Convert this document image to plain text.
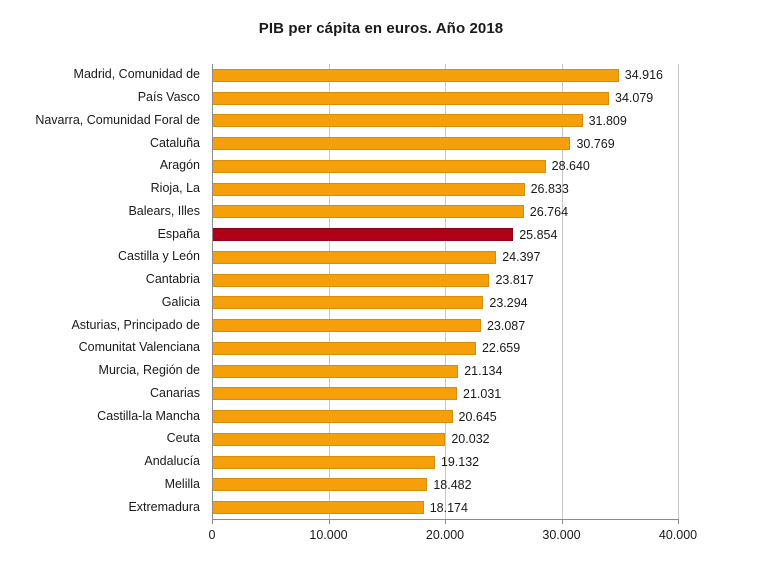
PIB per cápita en euros. Año 2018
Madrid, Comunidad de
País Vasco
Navarra, Comunidad Foral de
Cataluña
Aragón
Rioja, La
Balears, Illes
España
Castilla y León
Cantabria
Galicia
Asturias, Principado de
Comunitat Valenciana
Murcia, Región de
Canarias
Castilla-la Mancha
Ceuta
Andalucía
Melilla
Extremadura
34.916
34.079
31.809
30.769
28.640
26.833
26.764
25.854
24.397
23.817
23.294
23.087
22.659
21.134
21.031
20.645
20.032
19.132
18.482
18.174
0	10.000	20.000	30.000	40.000
